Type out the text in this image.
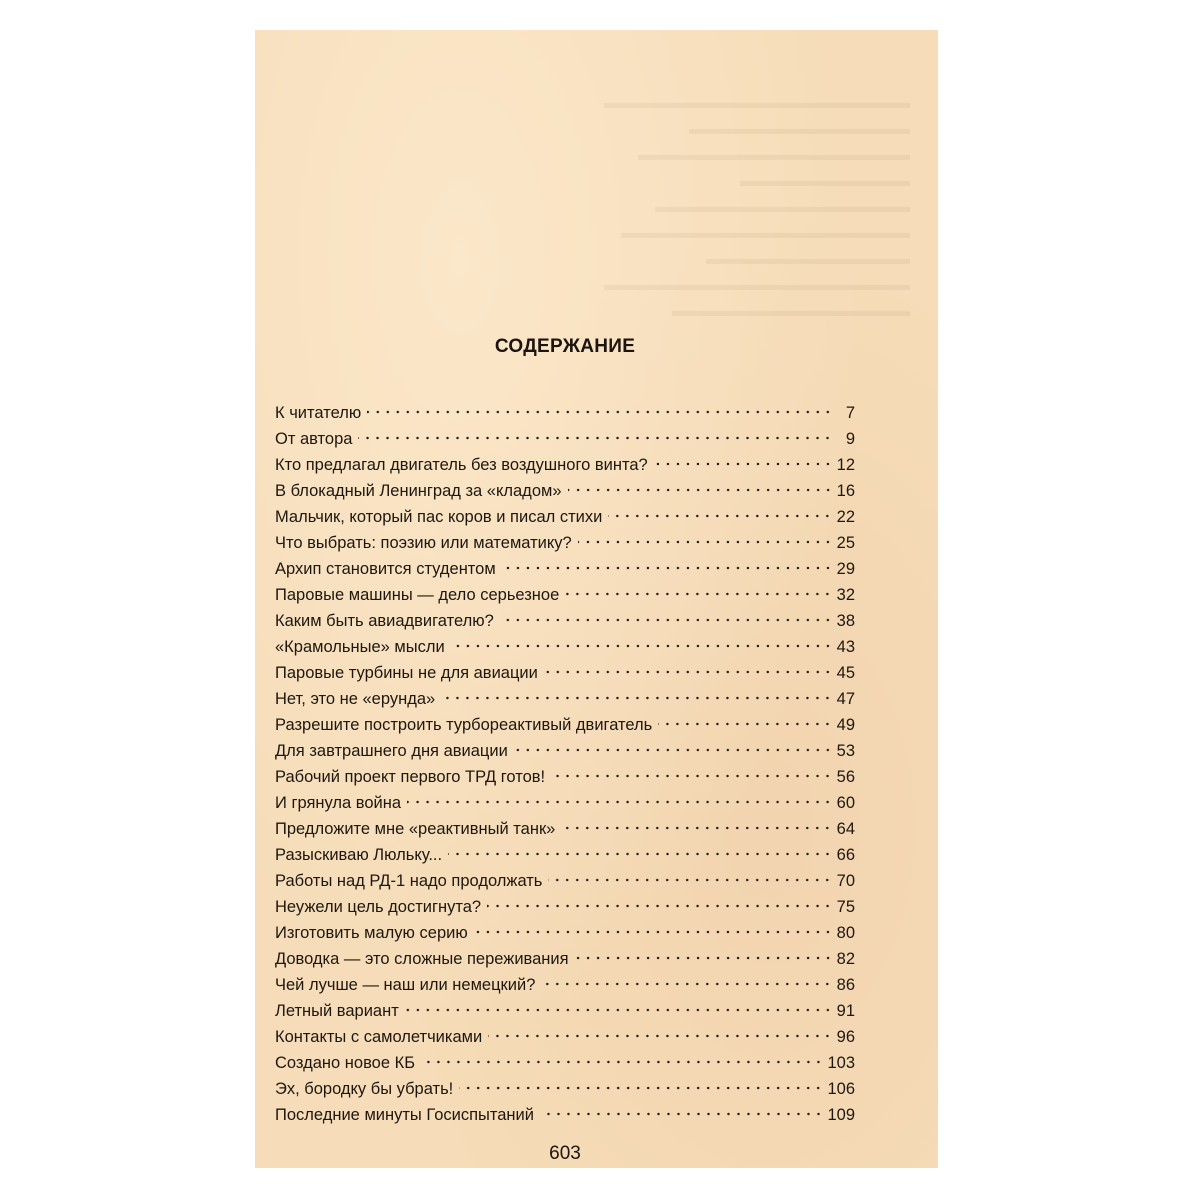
▬▬▬▬▬▬▬▬▬▬▬▬▬▬▬▬▬▬
▬▬▬▬▬▬▬▬▬▬▬▬▬
▬▬▬▬▬▬▬▬▬▬▬▬▬▬▬▬
▬▬▬▬▬▬▬▬▬▬
▬▬▬▬▬▬▬▬▬▬▬▬▬▬▬
▬▬▬▬▬▬▬▬▬▬▬▬▬▬▬▬▬
▬▬▬▬▬▬▬▬▬▬▬▬
▬▬▬▬▬▬▬▬▬▬▬▬▬▬▬▬▬▬
▬▬▬▬▬▬▬▬▬▬▬▬▬▬
СОДЕРЖАНИЕ
К читателю	7
От автора	9
Кто предлагал двигатель без воздушного винта?	12
В блокадный Ленинград за «кладом»	16
Мальчик, который пас коров и писал стихи	22
Что выбрать: поэзию или математику?	25
Архип становится студентом	29
Паровые машины — дело серьезное	32
Каким быть авиадвигателю?	38
«Крамольные» мысли	43
Паровые турбины не для авиации	45
Нет, это не «ерунда»	47
Разрешите построить турбореактивый двигатель	49
Для завтрашнего дня авиации	53
Рабочий проект первого ТРД готов!	56
И грянула война	60
Предложите мне «реактивный танк»	64
Разыскиваю Люльку...	66
Работы над РД-1 надо продолжать	70
Неужели цель достигнута?	75
Изготовить малую серию	80
Доводка — это сложные переживания	82
Чей лучше — наш или немецкий?	86
Летный вариант	91
Контакты с самолетчиками	96
Создано новое КБ	103
Эх, бородку бы убрать!	106
Последние минуты Госиспытаний	109
603
